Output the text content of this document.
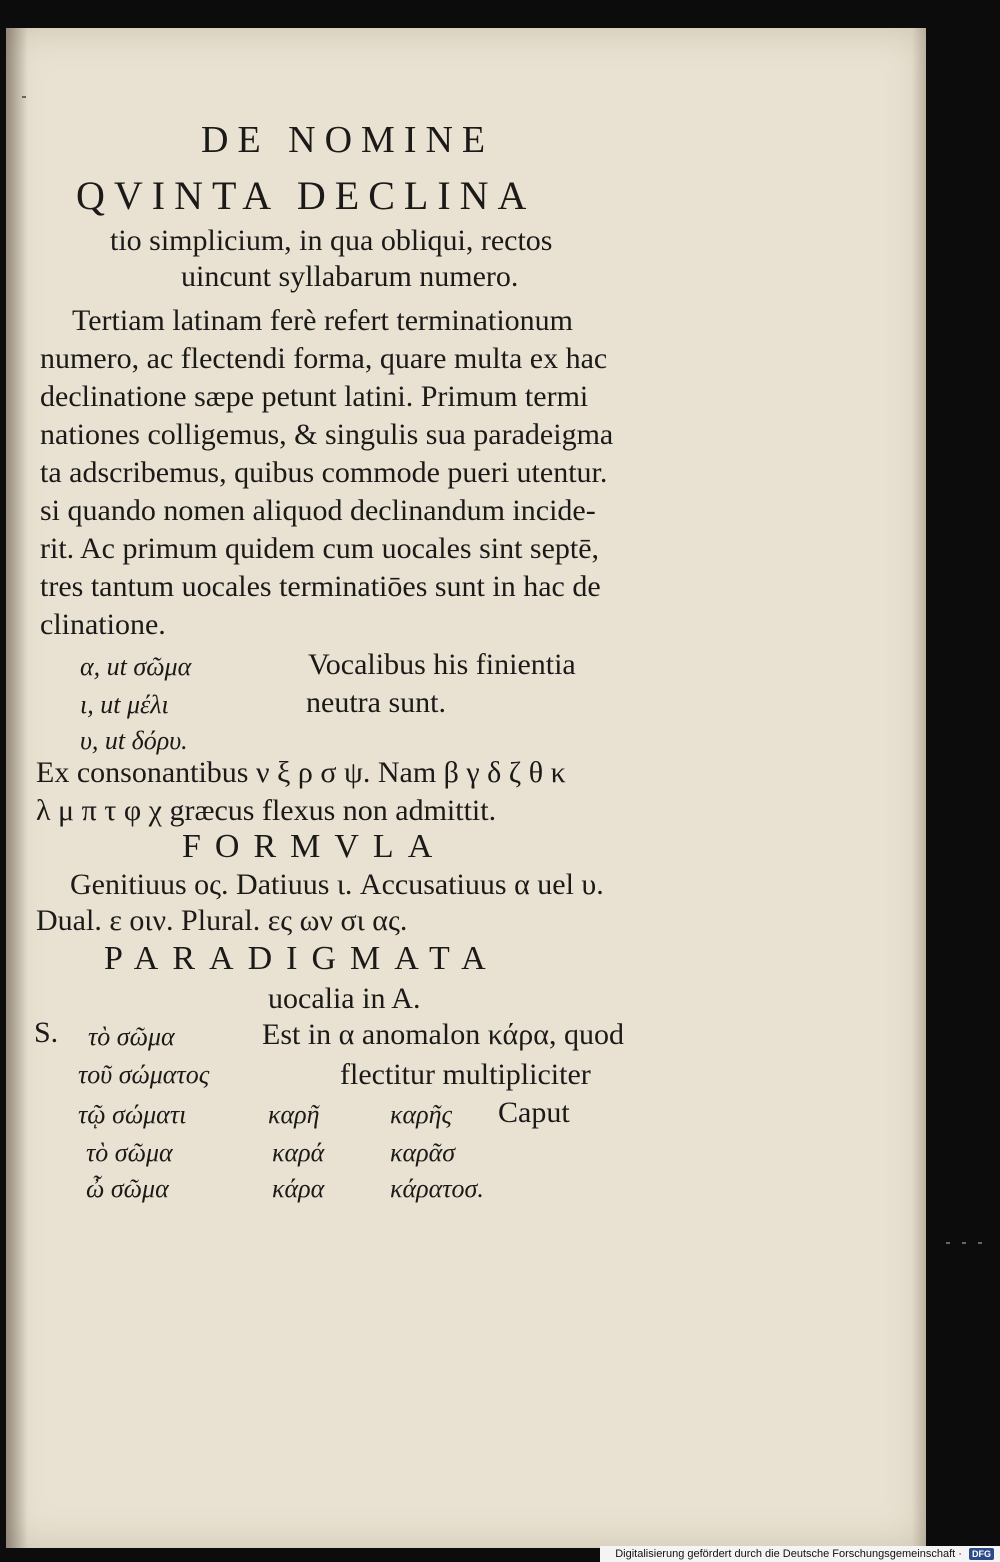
DE NOMINE
QVINTA DECLINA
tio simplicium, in qua obliqui, rectos
uincunt syllabarum numero.
Tertiam latinam ferè refert terminationum
numero, ac flectendi forma, quare multa ex hac
declinatione sæpe petunt latini. Primum termi
nationes colligemus, & singulis sua paradeigma
ta adscribemus, quibus commode pueri utentur.
si quando nomen aliquod declinandum incide-
rit. Ac primum quidem cum uocales sint septē,
tres tantum uocales terminatiōes sunt in hac de
clinatione.
α, ut σῶμα	Vocalibus his finientia
ι, ut μέλι	neutra sunt.
υ, ut δόρυ.
Ex consonantibus ν ξ ρ σ ψ. Nam β γ δ ζ θ κ
λ μ π τ φ χ græcus flexus non admittit.
FORMVLA
Genitiuus ος. Datiuus ι. Accusatiuus α uel υ.
Dual. ε οιν. Plural. ες ων σι ας.
PARADIGMATA
uocalia in A.
S.	Est in α anomalon κάρα, quod
flectitur multipliciter
τὸ σῶμα
τοῦ σώματος
τῷ σώματι	καρῆ	καρῆς Caput
τὸ σῶμα	καρά	καρᾶσ
ὦ σῶμα	κάρα	κάρατοσ.
Digitalisierung gefördert durch die Deutsche Forschungsgemeinschaft · DFG
